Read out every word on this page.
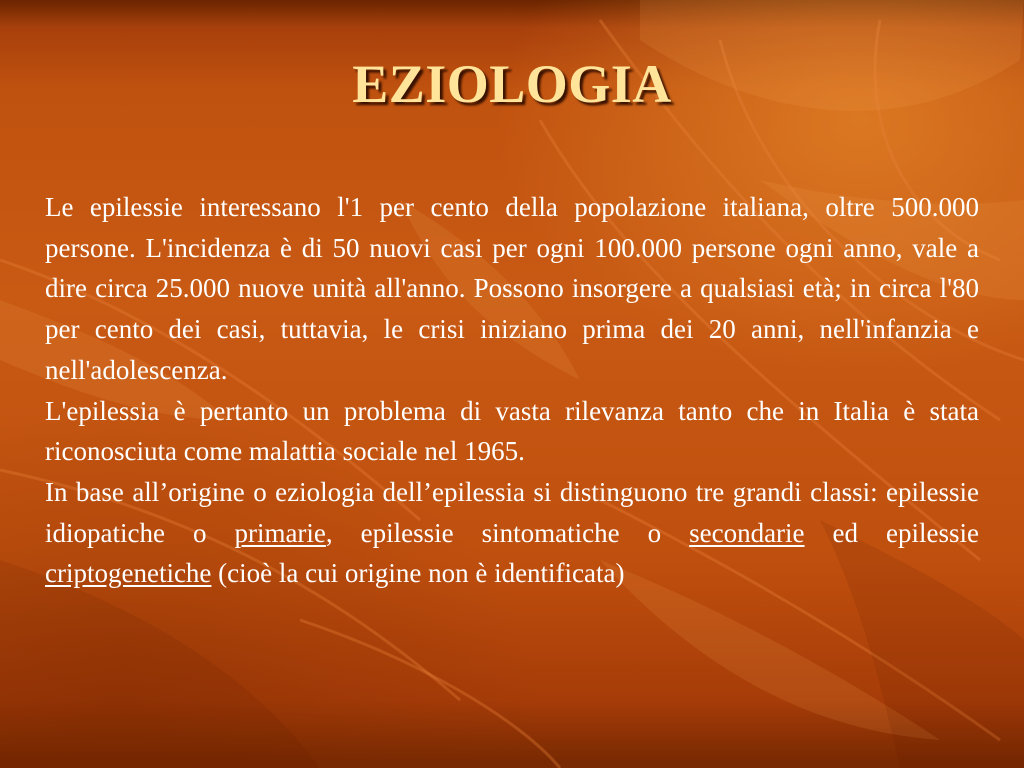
EZIOLOGIA

Le epilessie interessano l'1 per cento della popolazione italiana, oltre 500.000 persone. L'incidenza è di 50 nuovi casi per ogni 100.000 persone ogni anno, vale a dire circa 25.000 nuove unità all'anno. Possono insorgere a qualsiasi età; in circa l'80 per cento dei casi, tuttavia, le crisi iniziano prima dei 20 anni, nell'infanzia e nell'adolescenza.

L'epilessia è pertanto un problema di vasta rilevanza tanto che in Italia è stata riconosciuta come malattia sociale nel 1965.

In base all’origine o eziologia dell’epilessia si distinguono tre grandi classi: epilessie idiopatiche o primarie, epilessie sintomatiche o secondarie ed epilessie criptogenetiche (cioè la cui origine non è identificata)
